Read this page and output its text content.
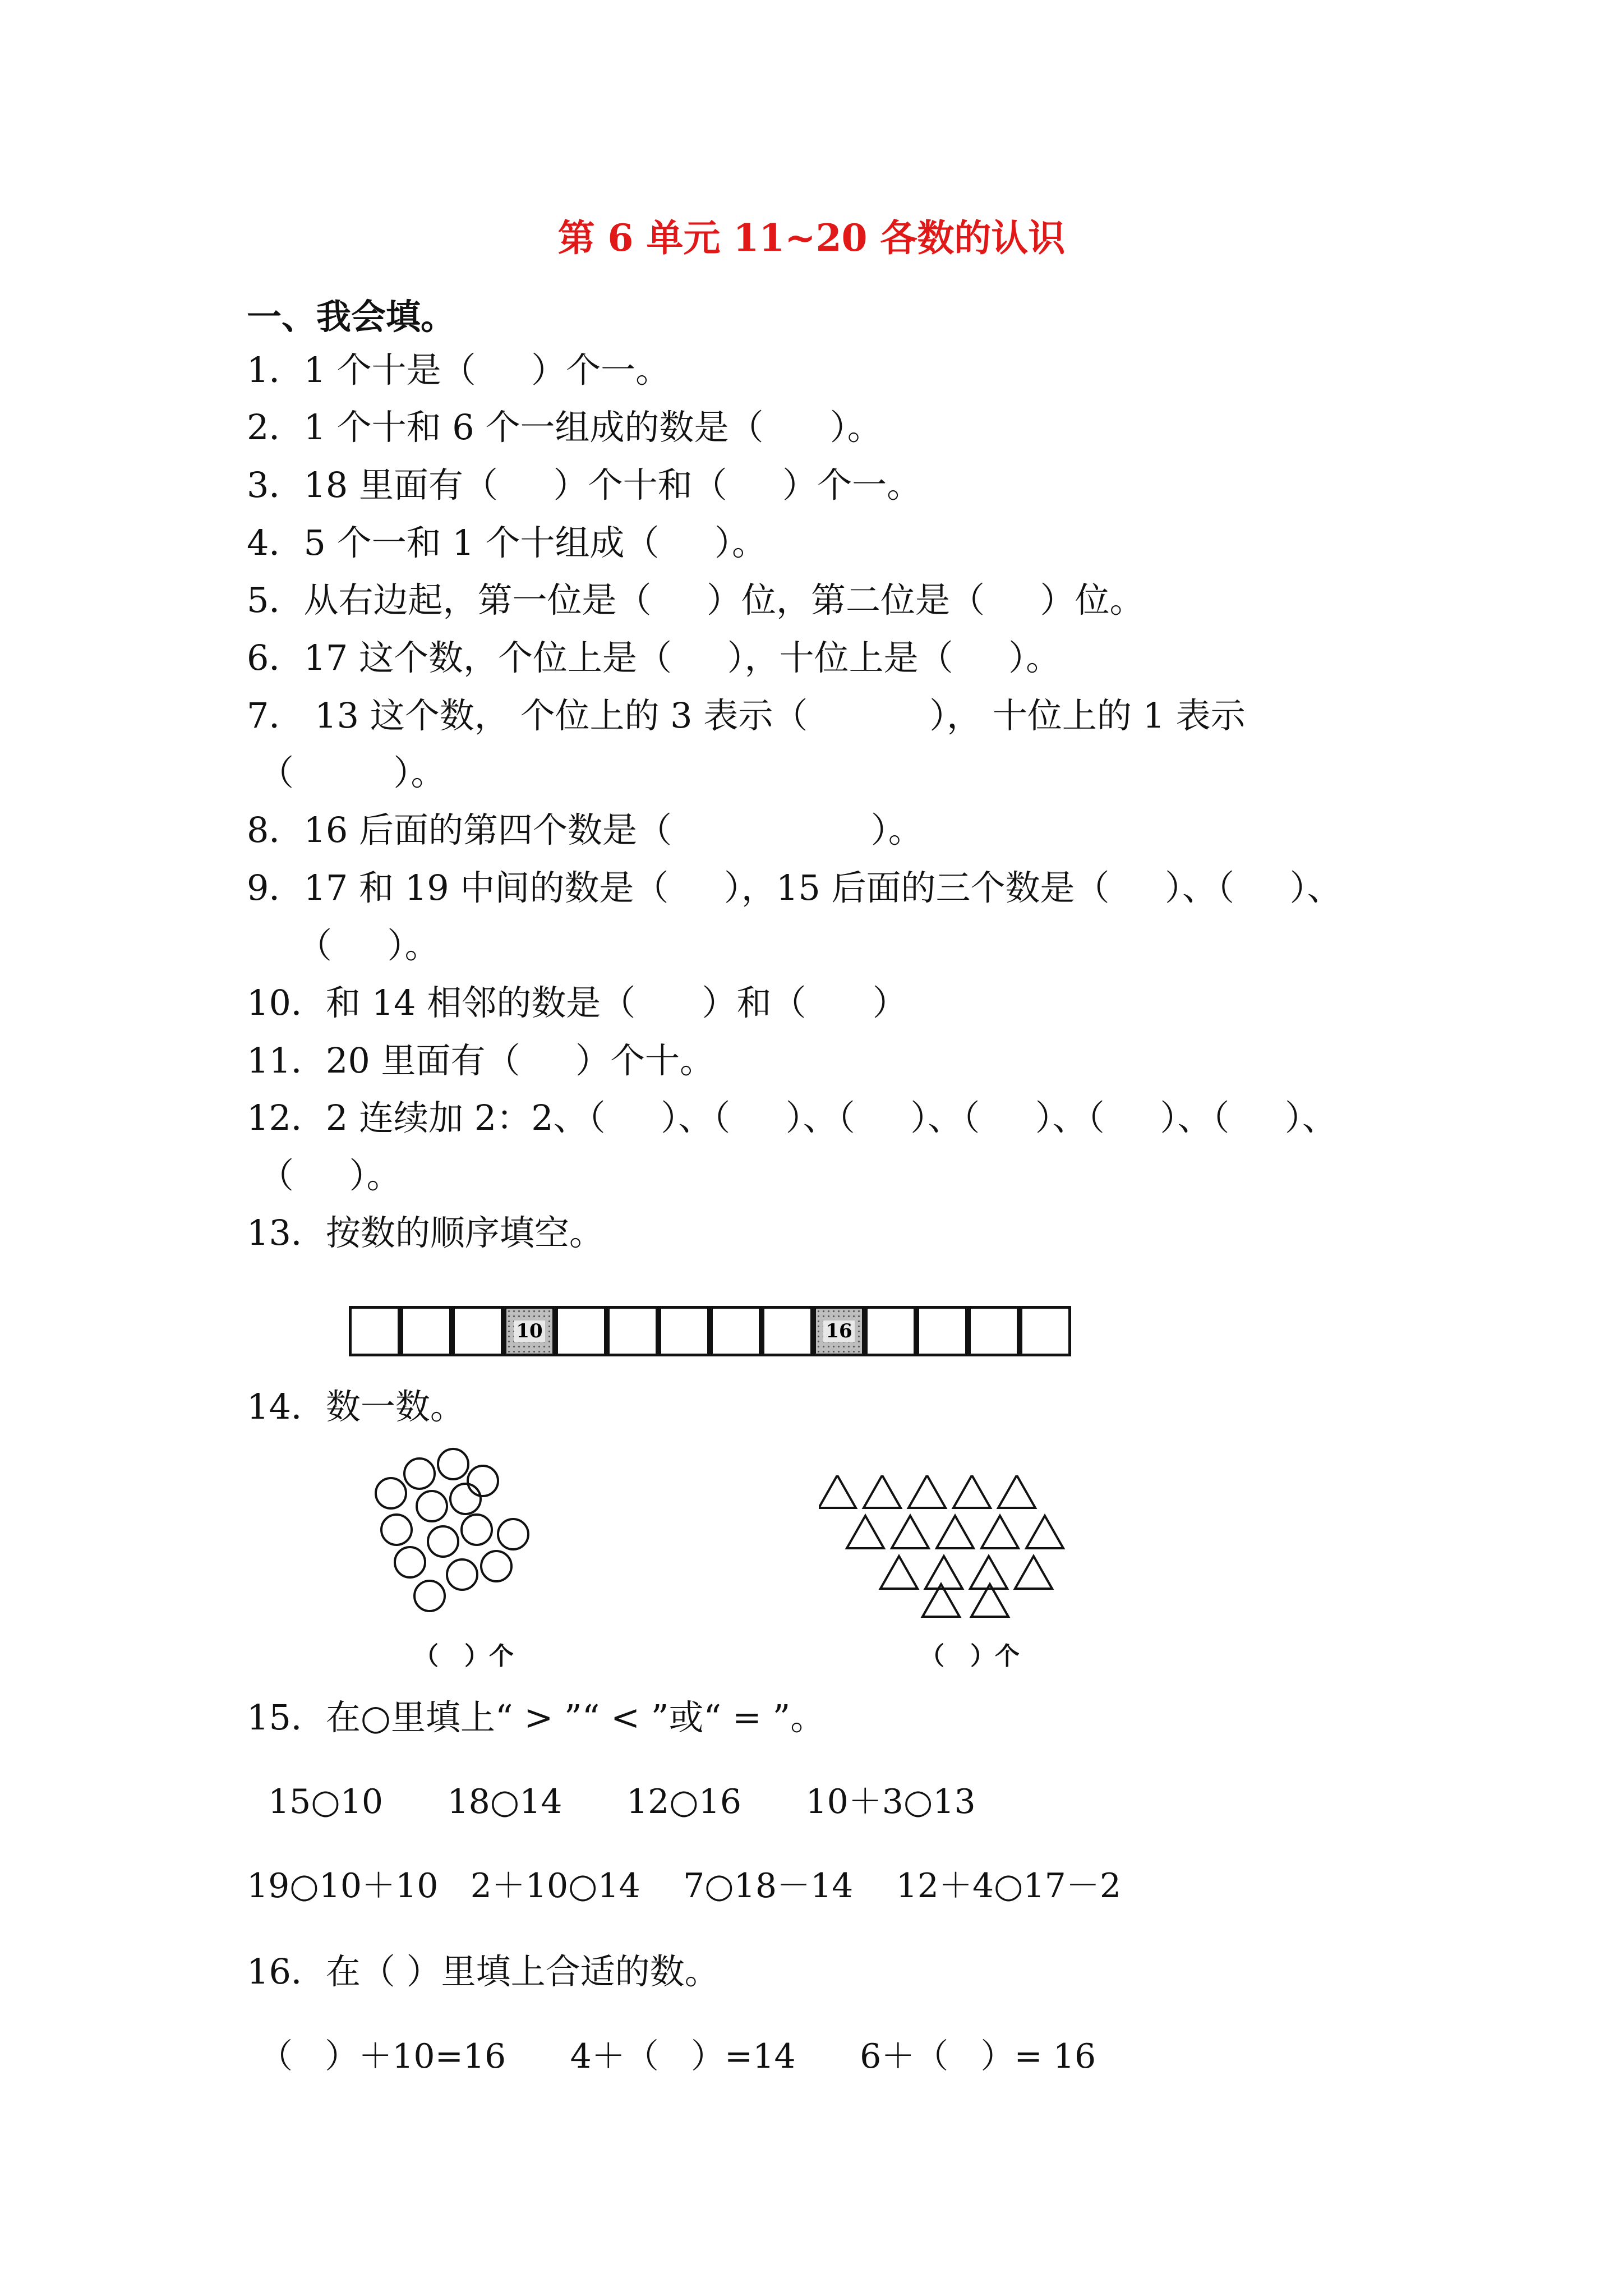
第 6 单元 11~20 各数的认识
一、我会填。
1．1 个十是（     ）个一。
2．1 个十和 6 个一组成的数是（      ）。
3．18 里面有（     ）个十和（     ）个一。
4．5 个一和 1 个十组成（     ）。
5．从右边起，第一位是（     ）位，第二位是（     ）位。
6．17 这个数，个位上是（     ），十位上是（     ）。
7． 13 这个数， 个位上的 3 表示（           ）， 十位上的 1 表示
（         ）。
8．16 后面的第四个数是（                  ）。
9．17 和 19 中间的数是（     ），15 后面的三个数是（     ）、（     ）、
（     ）。
10．和 14 相邻的数是（      ）和（      ）
11．20 里面有（     ）个十。
12．2 连续加 2：2、（     ）、（     ）、（     ）、（     ）、（     ）、（     ）、
（     ）。
13．按数的顺序填空。
10	16
14．数一数。
（   ）个	（   ）个
15．在○里填上“ > ”“ < ”或“ = ”。
15○10      18○14      12○16      10＋3○13
19○10＋10   2＋10○14    7○18－14    12＋4○17－2
16．在（ ）里填上合适的数。
（   ）＋10=16      4＋（   ）=14      6＋（   ）= 16
